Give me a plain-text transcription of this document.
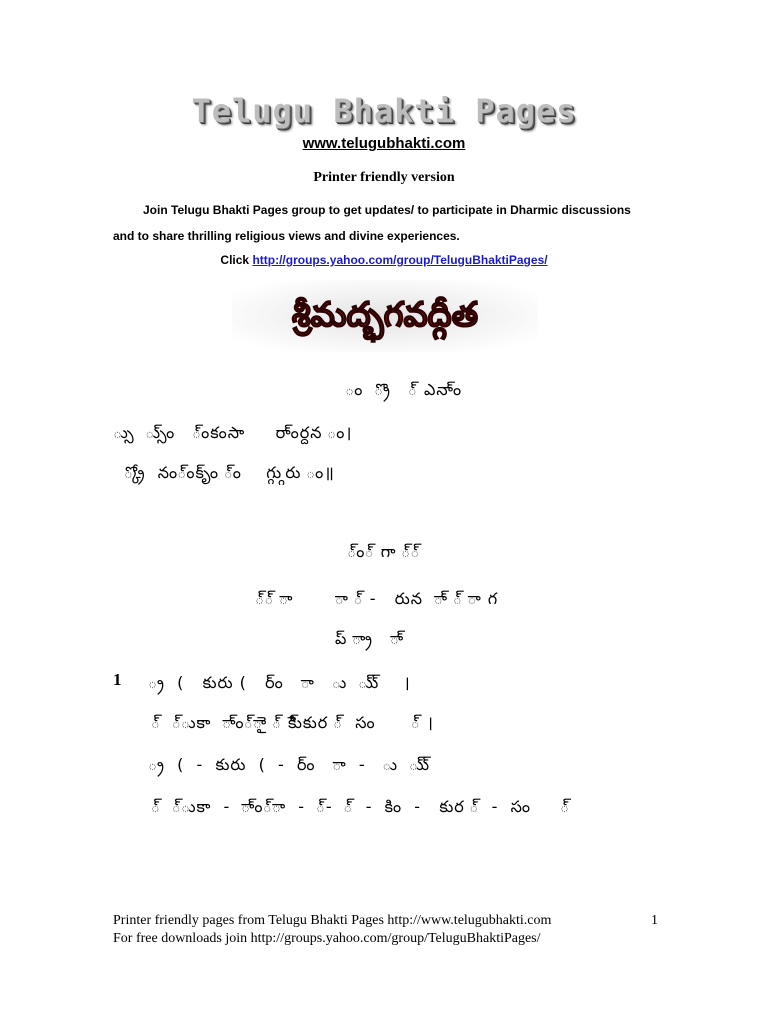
Telugu Bhakti Pages
www.telugubhakti.com
Printer friendly version
Join Telugu Bhakti Pages group to get updates/ to participate in Dharmic discussions
and to share thrilling religious views and divine experiences.
Click http://groups.yahoo.com/group/TeluguBhaktiPages/
శ్రీమద్భగవద్గీత
ం  ్రొ   ్ ఎనా్ం
్సు  ్సు్ం   ్ంకంసా     రా్ంర్దన ం।
్క్రో  నం్ంకృ్ం ్ం    గ్గ్గురు ం॥
్ం్ గా ్్
్్ ా       ా ్ -   రున  ా్ ్ ా గ
ప్ ్రా   ా్
1 ్ర  (   కురు (   ర్ం   ా   ు  ు్ు్    ।
్  ్ుకా  ా్ం్ాై ్ కిె్ుకుర ్  సం      ్ ।
్ర  (  -  కురు  (  -  ర్ం   ా  -   ు  ు్ు్
్  ్ుకా  -  ా్ం్ా  -  ్-  ్  -  కిం  -   కుర ్  -  సం     ్
Printer friendly pages from Telugu Bhakti Pages http://www.telugubhakti.com
For free downloads join http://groups.yahoo.com/group/TeluguBhaktiPages/
1
